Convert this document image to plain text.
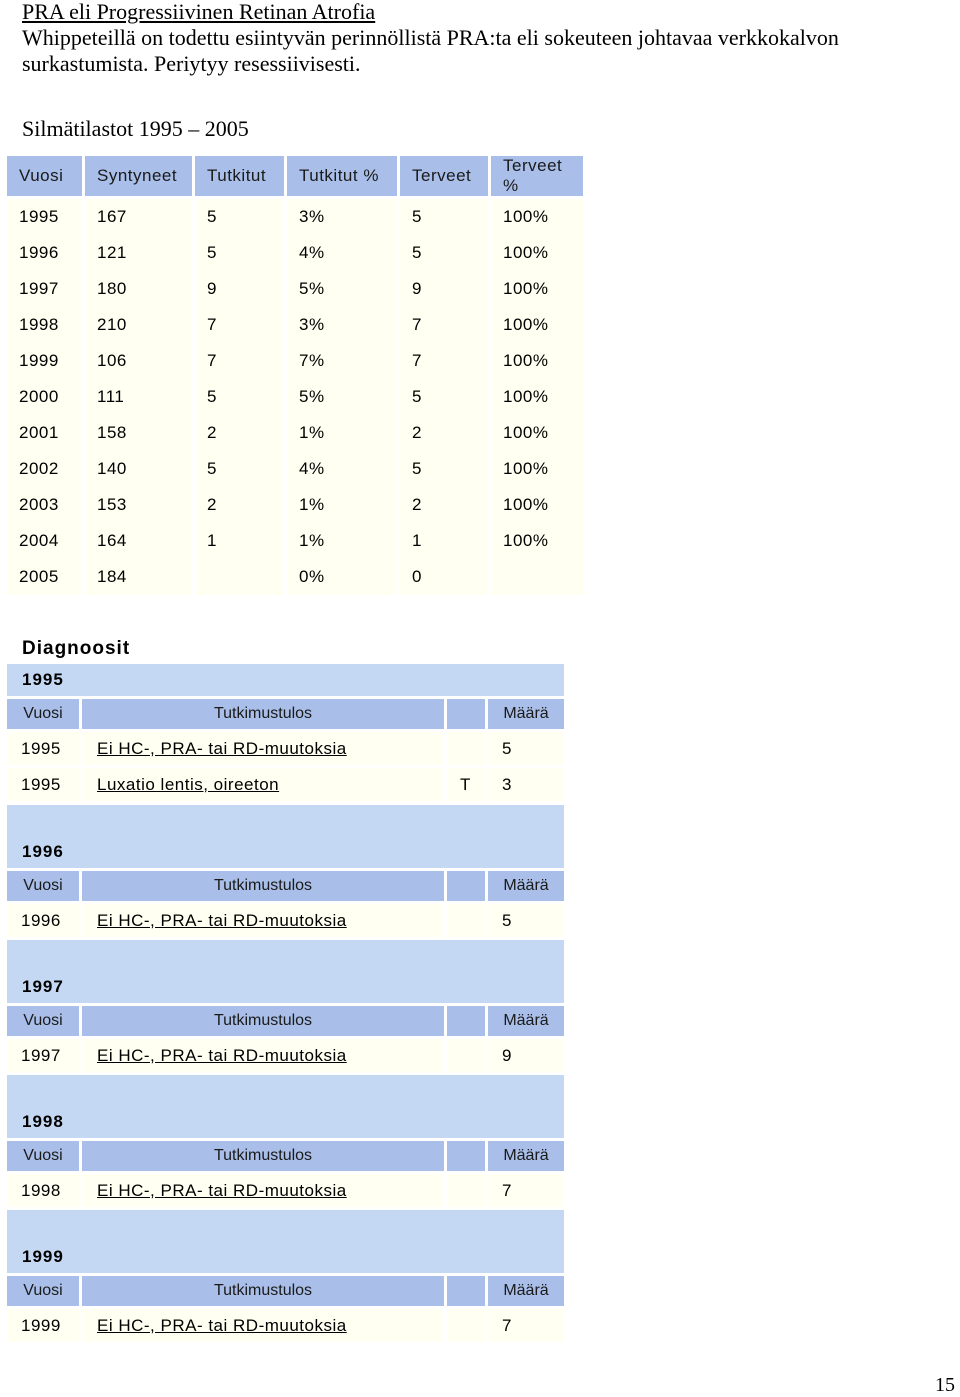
PRA eli Progressiivinen Retinan Atrofia
Whippeteillä on todettu esiintyvän perinnöllistä PRA:ta eli sokeuteen johtavaa verkkokalvon surkastumista. Periytyy resessiivisesti.
Silmätilastot 1995 – 2005
Vuosi	Syntyneet	Tutkitut	Tutkitut %	Terveet	Terveet %
1995	167	5	3%	5	100%
1996	121	5	4%	5	100%
1997	180	9	5%	9	100%
1998	210	7	3%	7	100%
1999	106	7	7%	7	100%
2000	111	5	5%	5	100%
2001	158	2	1%	2	100%
2002	140	5	4%	5	100%
2003	153	2	1%	2	100%
2004	164	1	1%	1	100%
2005	184		0%	0	
Diagnoosit
1995
Vuosi	Tutkimustulos	Määrä
1995	Ei HC-, PRA- tai RD-muutoksia	5
1995	Luxatio lentis, oireeton	T	3
1996
Vuosi	Tutkimustulos	Määrä
1996	Ei HC-, PRA- tai RD-muutoksia	5
1997
Vuosi	Tutkimustulos	Määrä
1997	Ei HC-, PRA- tai RD-muutoksia	9
1998
Vuosi	Tutkimustulos	Määrä
1998	Ei HC-, PRA- tai RD-muutoksia	7
1999
Vuosi	Tutkimustulos	Määrä
1999	Ei HC-, PRA- tai RD-muutoksia	7
15
